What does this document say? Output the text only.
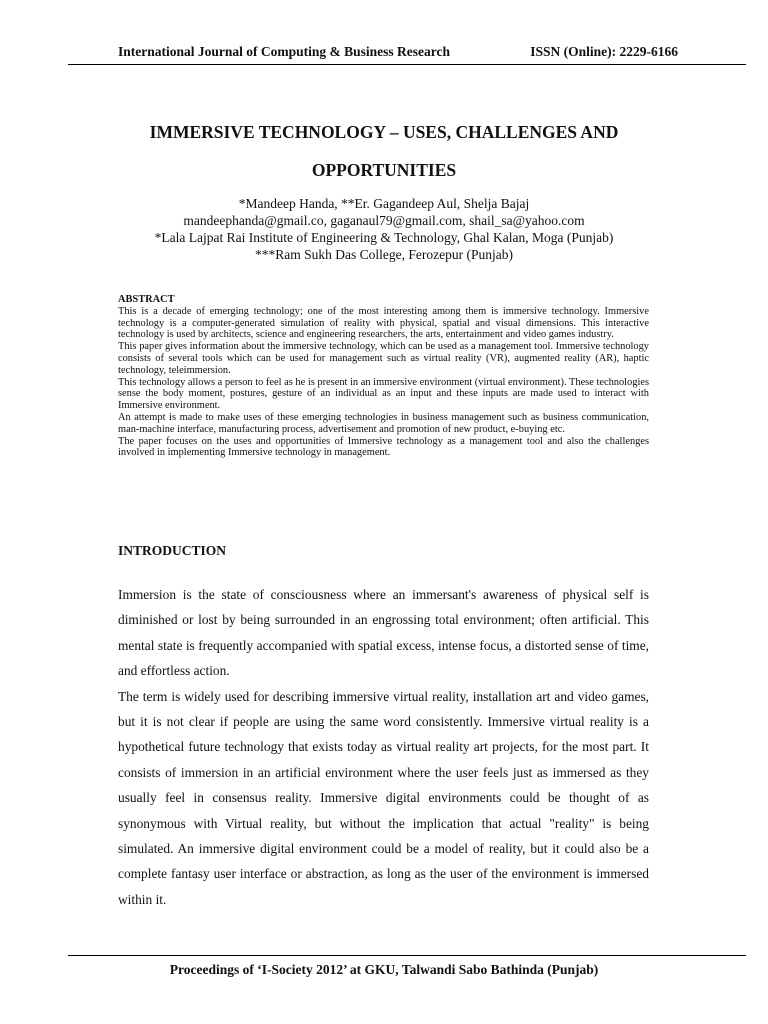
International Journal of Computing & Business Research	ISSN (Online): 2229-6166
IMMERSIVE TECHNOLOGY – USES, CHALLENGES AND
OPPORTUNITIES
*Mandeep Handa, **Er. Gagandeep Aul, Shelja Bajaj
mandeephanda@gmail.co, gaganaul79@gmail.com, shail_sa@yahoo.com
*Lala Lajpat Rai Institute of Engineering & Technology, Ghal Kalan, Moga (Punjab)
***Ram Sukh Das College, Ferozepur (Punjab)
ABSTRACT

This is a decade of emerging technology; one of the most interesting among them is immersive technology. Immersive technology is a computer-generated simulation of reality with physical, spatial and visual dimensions. This interactive technology is used by architects, science and engineering researchers, the arts, entertainment and video games industry.

This paper gives information about the immersive technology, which can be used as a management tool. Immersive technology consists of several tools which can be used for management such as virtual reality (VR), augmented reality (AR), haptic technology, teleimmersion.

This technology allows a person to feel as he is present in an immersive environment (virtual environment). These technologies sense the body moment, postures, gesture of an individual as an input and these inputs are made used to interact with Immersive environment.

An attempt is made to make uses of these emerging technologies in business management such as business communication, man-machine interface, manufacturing process, advertisement and promotion of new product, e-buying etc.

The paper focuses on the uses and opportunities of Immersive technology as a management tool and also the challenges involved in implementing Immersive technology in management.

INTRODUCTION

Immersion is the state of consciousness where an immersant's awareness of physical self is diminished or lost by being surrounded in an engrossing total environment; often artificial. This mental state is frequently accompanied with spatial excess, intense focus, a distorted sense of time, and effortless action.

The term is widely used for describing immersive virtual reality, installation art and video games, but it is not clear if people are using the same word consistently. Immersive virtual reality is a hypothetical future technology that exists today as virtual reality art projects, for the most part. It consists of immersion in an artificial environment where the user feels just as immersed as they usually feel in consensus reality. Immersive digital environments could be thought of as synonymous with Virtual reality, but without the implication that actual "reality" is being simulated. An immersive digital environment could be a model of reality, but it could also be a complete fantasy user interface or abstraction, as long as the user of the environment is immersed within it.

Proceedings of ‘I-Society 2012’ at GKU, Talwandi Sabo Bathinda (Punjab)
